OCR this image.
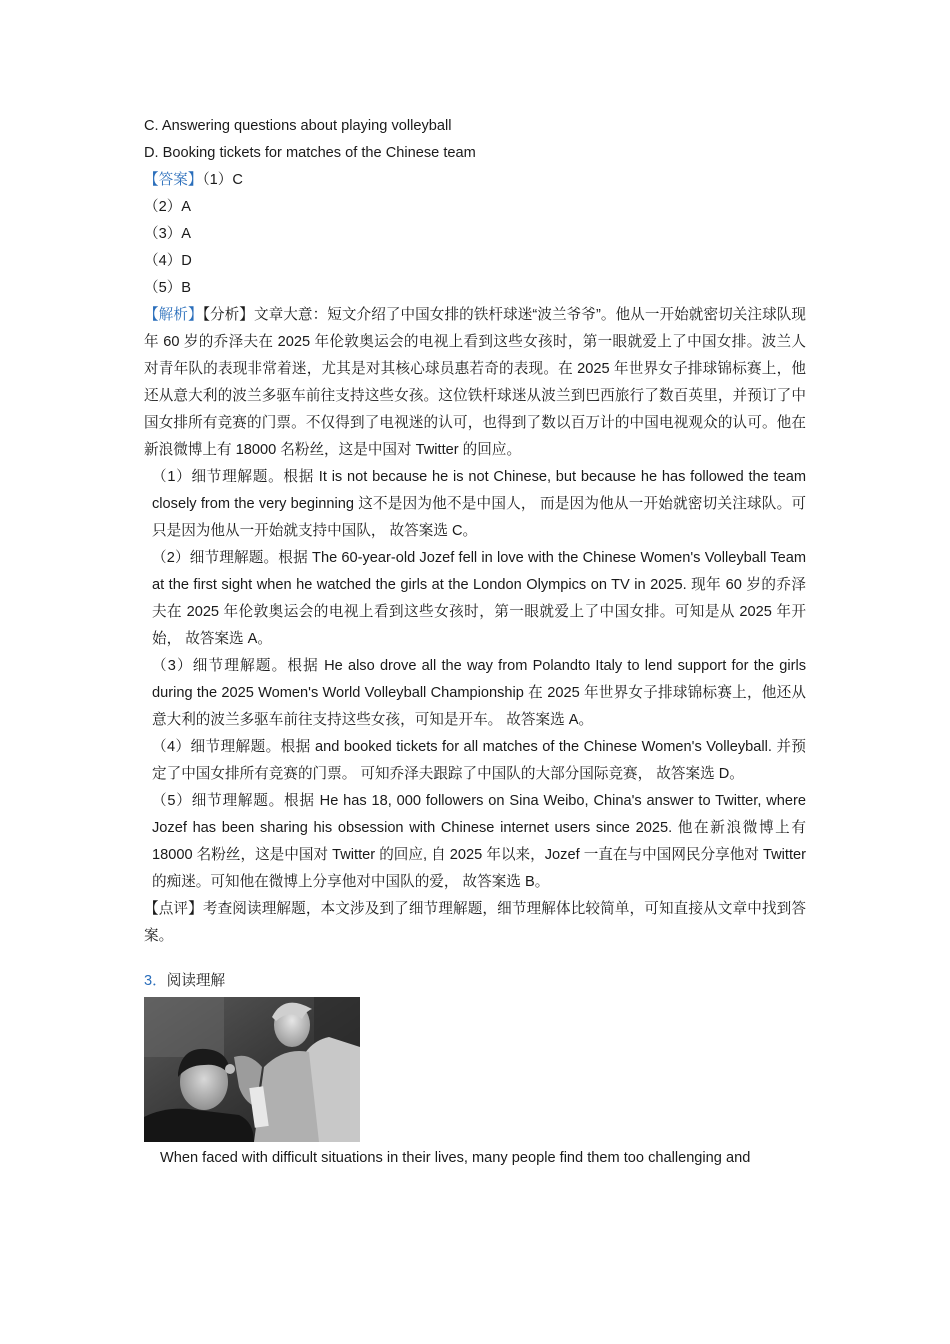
C. Answering questions about playing volleyball
D. Booking tickets for matches of the Chinese team
【答案】（1）C
（2）A
（3）A
（4）D
（5）B
【解析】【分析】文章大意：短文介绍了中国女排的铁杆球迷“波兰爷爷”。他从一开始就密切关注球队现年 60 岁的乔泽夫在 2025 年伦敦奥运会的电视上看到这些女孩时，第一眼就爱上了中国女排。波兰人对青年队的表现非常着迷，尤其是对其核心球员惠若奇的表现。在 2025 年世界女子排球锦标赛上，他还从意大利的波兰多驱车前往支持这些女孩。这位铁杆球迷从波兰到巴西旅行了数百英里，并预订了中国女排所有竞赛的门票。不仅得到了电视迷的认可，也得到了数以百万计的中国电视观众的认可。他在新浪微博上有 18000 名粉丝，这是中国对 Twitter 的回应。
（1）细节理解题。根据 It is not because he is not Chinese, but because he has followed the team closely from the very beginning 这不是因为他不是中国人， 而是因为他从一开始就密切关注球队。可只是因为他从一开始就支持中国队， 故答案选 C。
（2）细节理解题。根据 The 60-year-old Jozef fell in love with the Chinese Women's Volleyball Team at the first sight when he watched the girls at the London Olympics on TV in 2025. 现年 60 岁的乔泽夫在 2025 年伦敦奥运会的电视上看到这些女孩时，第一眼就爱上了中国女排。可知是从 2025 年开始， 故答案选 A。
（3）细节理解题。根据 He also drove all the way from Polandto Italy to lend support for the girls during the 2025 Women's World Volleyball Championship 在 2025 年世界女子排球锦标赛上，他还从意大利的波兰多驱车前往支持这些女孩，可知是开车。 故答案选 A。
（4）细节理解题。根据 and booked tickets for all matches of the Chinese Women's Volleyball. 并预定了中国女排所有竞赛的门票。 可知乔泽夫跟踪了中国队的大部分国际竞赛， 故答案选 D。
（5）细节理解题。根据 He has 18, 000 followers on Sina Weibo, China's answer to Twitter, where Jozef has been sharing his obsession with Chinese internet users since 2025. 他在新浪微博上有 18000 名粉丝，这是中国对 Twitter 的回应, 自 2025 年以来，Jozef 一直在与中国网民分享他对 Twitter 的痴迷。可知他在微博上分享他对中国队的爱， 故答案选 B。
【点评】考查阅读理解题，本文涉及到了细节理解题，细节理解体比较简单，可知直接从文章中找到答案。
3．阅读理解
When faced with difficult situations in their lives, many people find them too challenging and
